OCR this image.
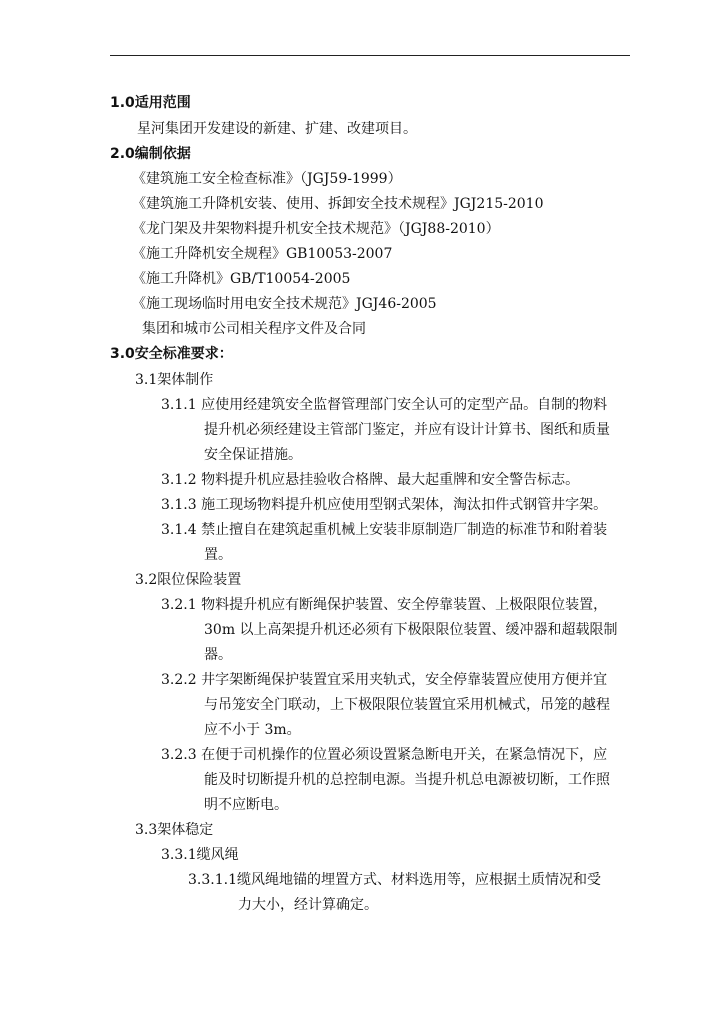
1.0适用范围
星河集团开发建设的新建、扩建、改建项目。
2.0编制依据
《建筑施工安全检查标准》（JGJ59-1999）
《建筑施工升降机安装、使用、拆卸安全技术规程》JGJ215-2010
《龙门架及井架物料提升机安全技术规范》（JGJ88-2010）
《施工升降机安全规程》GB10053-2007
《施工升降机》GB/T10054-2005
《施工现场临时用电安全技术规范》JGJ46-2005
集团和城市公司相关程序文件及合同
3.0安全标准要求：
3.1架体制作
3.1.1 应使用经建筑安全监督管理部门安全认可的定型产品。自制的物料
提升机必须经建设主管部门鉴定，并应有设计计算书、图纸和质量
安全保证措施。
3.1.2 物料提升机应悬挂验收合格牌、最大起重牌和安全警告标志。
3.1.3 施工现场物料提升机应使用型钢式架体，淘汰扣件式钢管井字架。
3.1.4 禁止擅自在建筑起重机械上安装非原制造厂制造的标准节和附着装
置。
3.2限位保险装置
3.2.1 物料提升机应有断绳保护装置、安全停靠装置、上极限限位装置，
30m 以上高架提升机还必须有下极限限位装置、缓冲器和超载限制
器。
3.2.2 井字架断绳保护装置宜采用夹轨式，安全停靠装置应使用方便并宜
与吊笼安全门联动，上下极限限位装置宜采用机械式，吊笼的越程
应不小于 3m。
3.2.3 在便于司机操作的位置必须设置紧急断电开关，在紧急情况下，应
能及时切断提升机的总控制电源。当提升机总电源被切断，工作照
明不应断电。
3.3架体稳定
3.3.1缆风绳
3.3.1.1缆风绳地锚的埋置方式、材料选用等，应根据土质情况和受
力大小，经计算确定。
